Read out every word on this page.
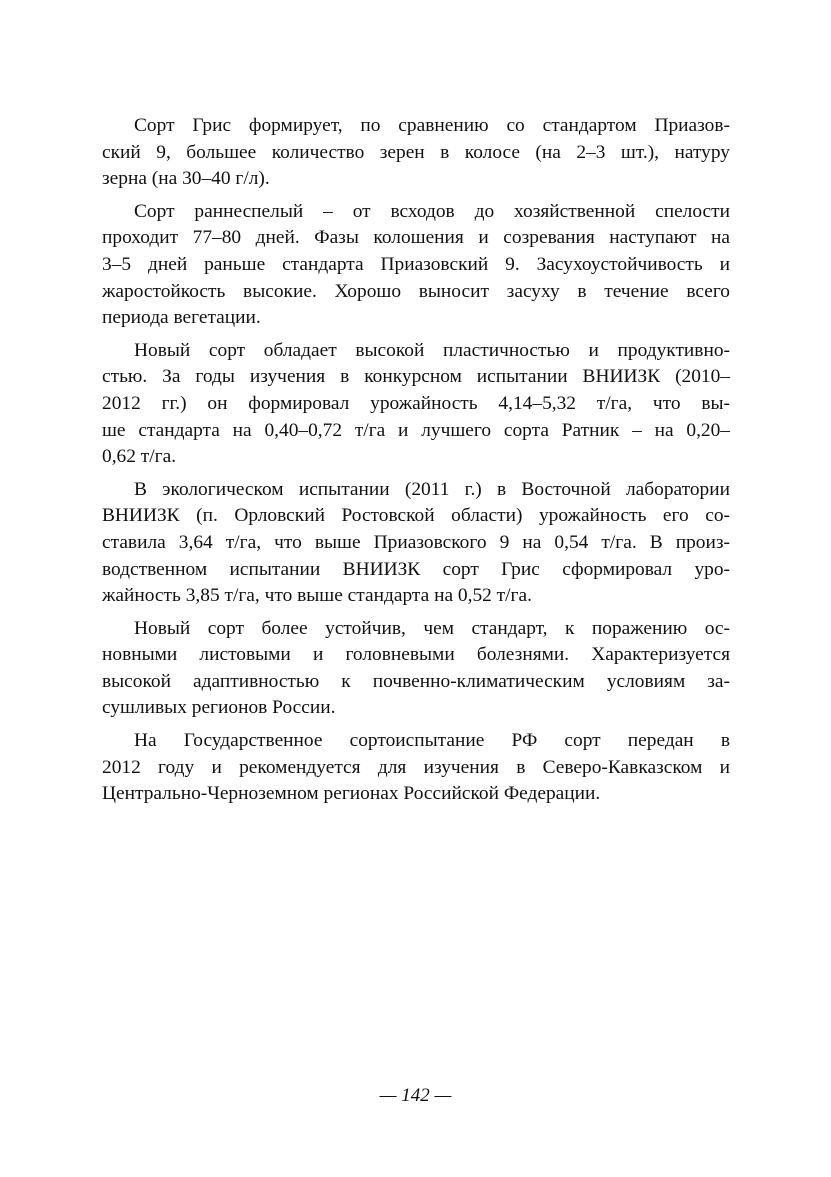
Сорт Грис формирует, по сравнению со стандартом Приазов-
ский 9, большее количество зерен в колосе (на 2–3 шт.), натуру
зерна (на 30–40 г/л).
Сорт раннеспелый – от всходов до хозяйственной спелости
проходит 77–80 дней. Фазы колошения и созревания наступают на
3–5 дней раньше стандарта Приазовский 9. Засухоустойчивость и
жаростойкость высокие. Хорошо выносит засуху в течение всего
периода вегетации.
Новый сорт обладает высокой пластичностью и продуктивно-
стью. За годы изучения в конкурсном испытании ВНИИЗК (2010–
2012 гг.) он формировал урожайность 4,14–5,32 т/га, что вы-
ше стандарта на 0,40–0,72 т/га и лучшего сорта Ратник – на 0,20–
0,62 т/га.
В экологическом испытании (2011 г.) в Восточной лаборатории
ВНИИЗК (п. Орловский Ростовской области) урожайность его со-
ставила 3,64 т/га, что выше Приазовского 9 на 0,54 т/га. В произ-
водственном испытании ВНИИЗК сорт Грис сформировал уро-
жайность 3,85 т/га, что выше стандарта на 0,52 т/га.
Новый сорт более устойчив, чем стандарт, к поражению ос-
новными листовыми и головневыми болезнями. Характеризуется
высокой адаптивностью к почвенно-климатическим условиям за-
сушливых регионов России.
На Государственное сортоиспытание РФ сорт передан в
2012 году и рекомендуется для изучения в Северо-Кавказском и
Центрально-Черноземном регионах Российской Федерации.
— 142 —
